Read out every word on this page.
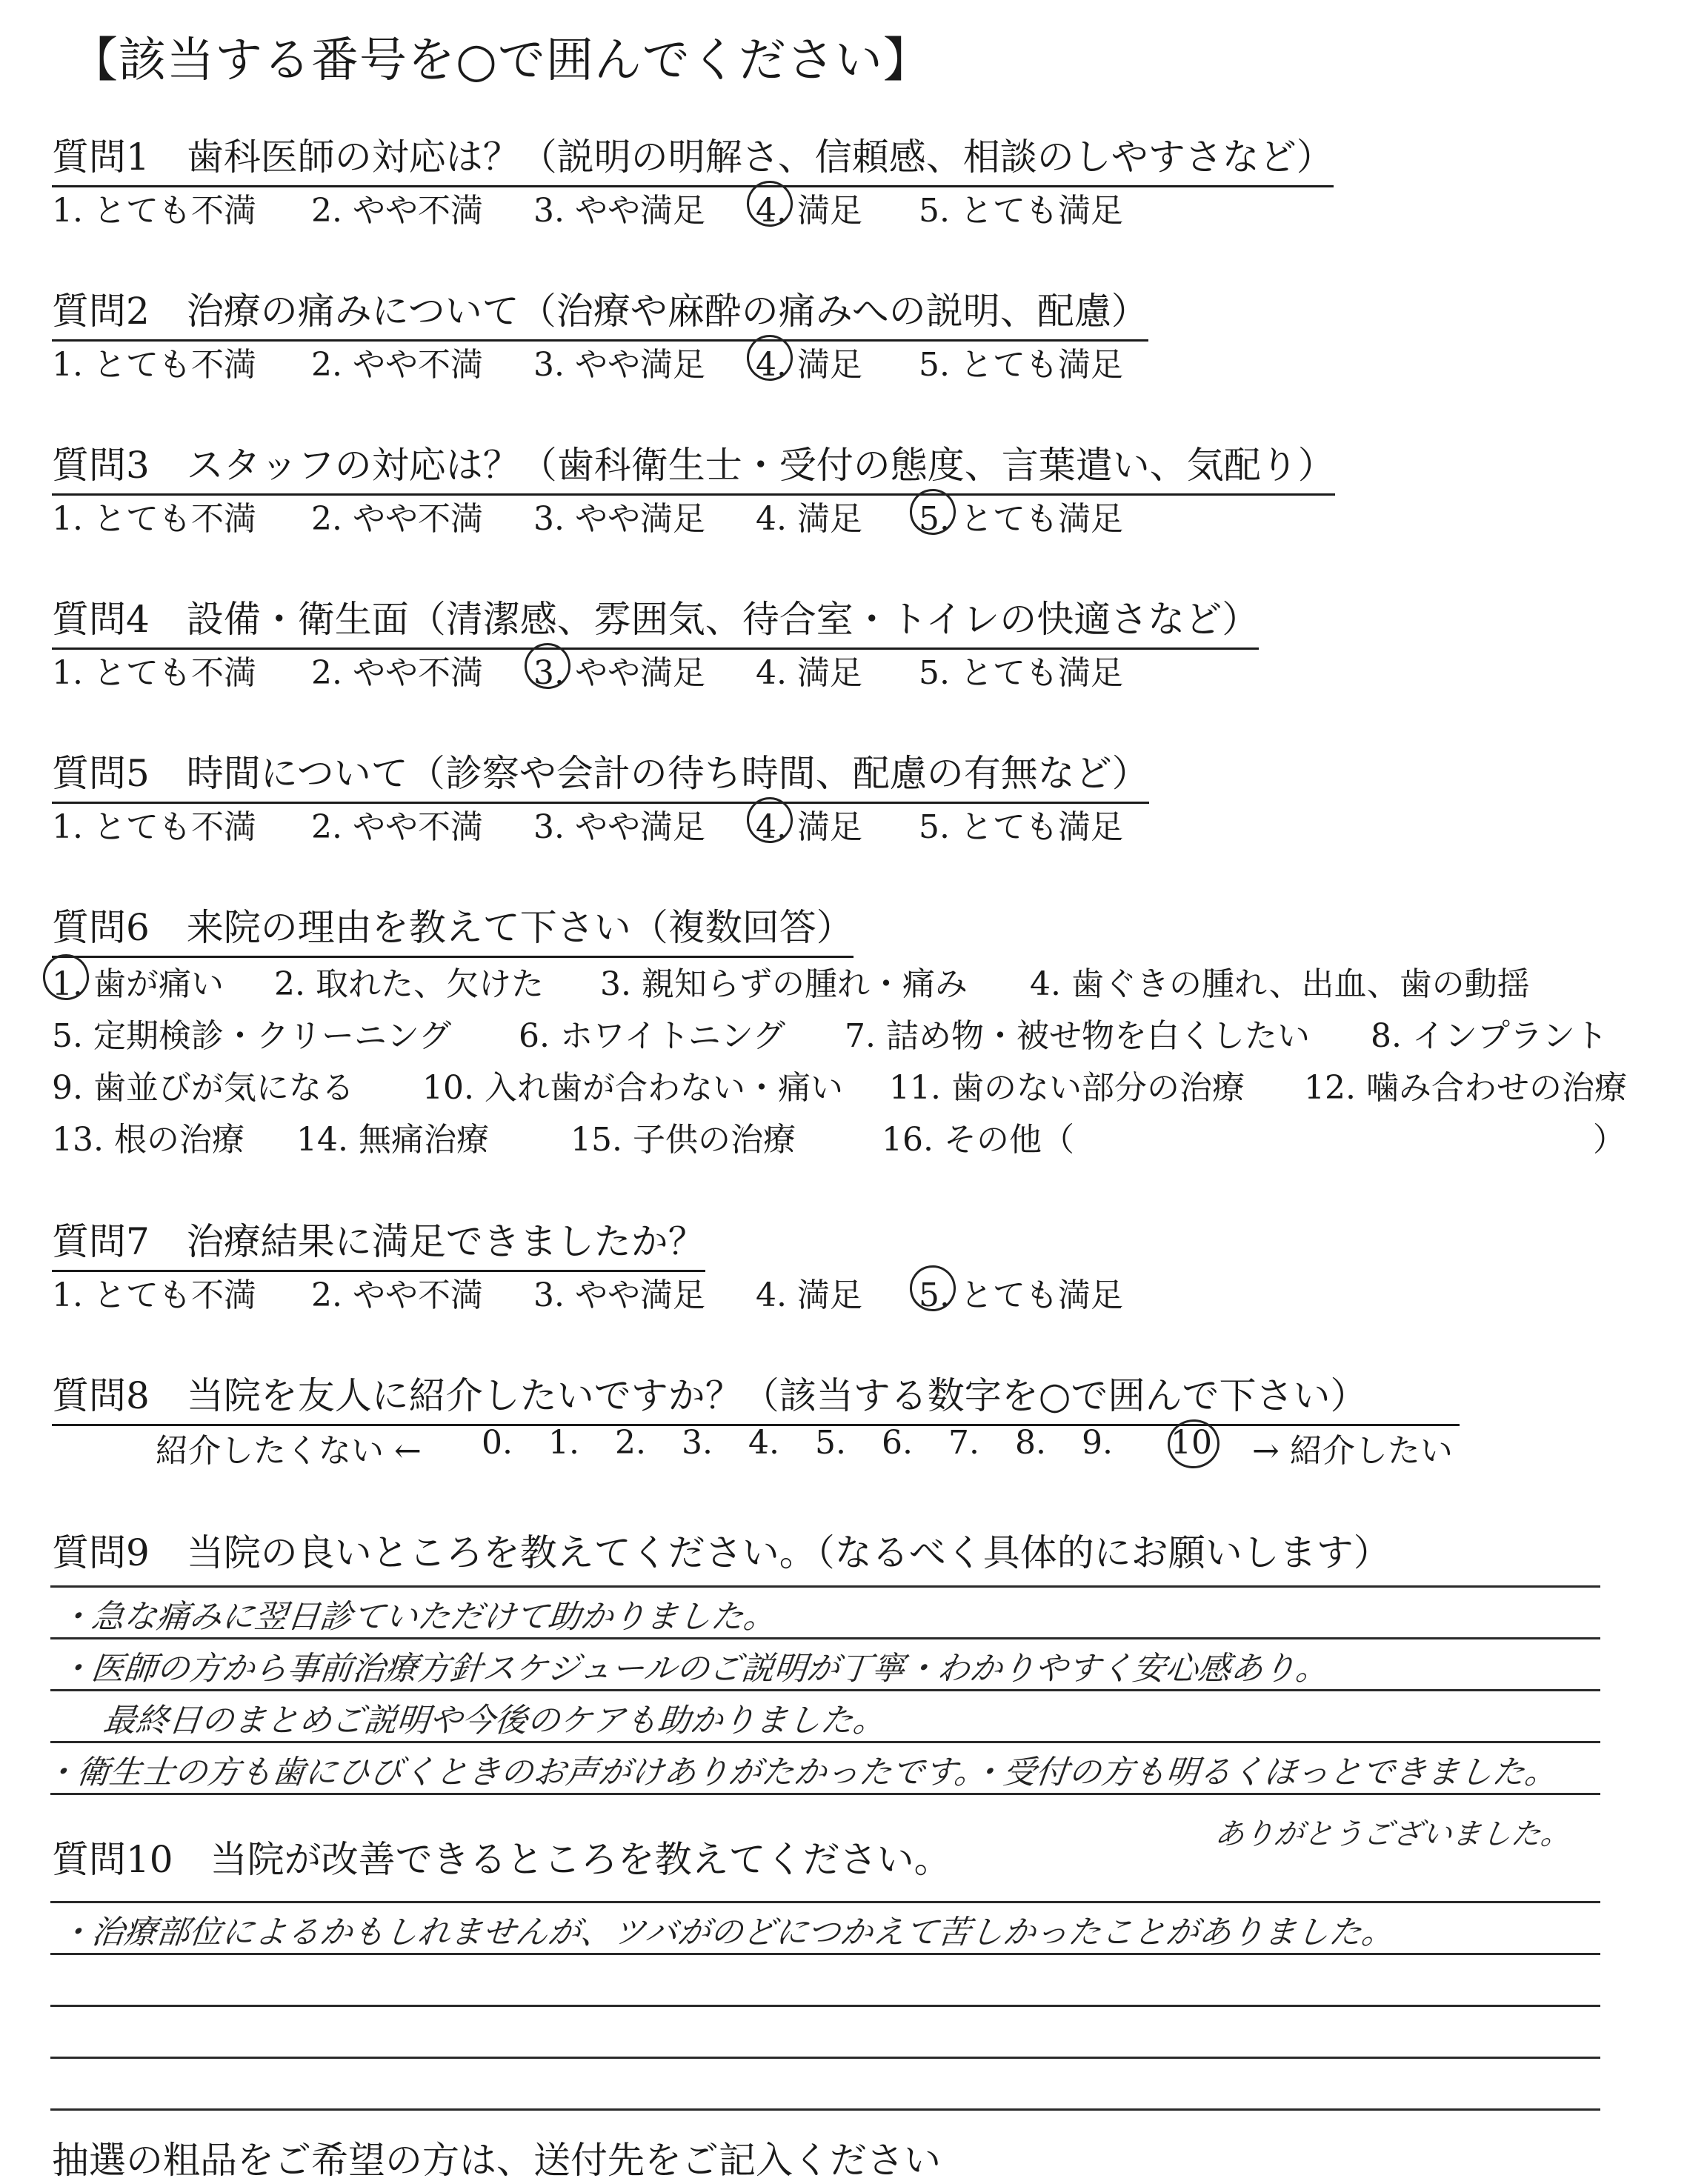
【該当する番号を○で囲んでください】
質問1　歯科医師の対応は？（説明の明解さ、信頼感、相談のしやすさなど）
1. とても不満 2. やや不満 3. やや満足 4. 満足 5. とても満足
質問2　治療の痛みについて（治療や麻酔の痛みへの説明、配慮）
1. とても不満 2. やや不満 3. やや満足 4. 満足 5. とても満足
質問3　スタッフの対応は？（歯科衛生士・受付の態度、言葉遣い、気配り）
1. とても不満 2. やや不満 3. やや満足 4. 満足 5. とても満足
質問4　設備・衛生面（清潔感、雰囲気、待合室・トイレの快適さなど）
1. とても不満 2. やや不満 3. やや満足 4. 満足 5. とても満足
質問5　時間について（診察や会計の待ち時間、配慮の有無など）
1. とても不満 2. やや不満 3. やや満足 4. 満足 5. とても満足
質問6　来院の理由を教えて下さい（複数回答）
1. 歯が痛い 2. 取れた、欠けた 3. 親知らずの腫れ・痛み 4. 歯ぐきの腫れ、出血、歯の動揺
5. 定期検診・クリーニング 6. ホワイトニング 7. 詰め物・被せ物を白くしたい 8. インプラント
9. 歯並びが気になる 10. 入れ歯が合わない・痛い 11. 歯のない部分の治療 12. 噛み合わせの治療
13. 根の治療 14. 無痛治療	15. 子供の治療	16. その他（	）
質問7　治療結果に満足できましたか？
1. とても不満 2. やや不満 3. やや満足 4. 満足 5. とても満足
質問8　当院を友人に紹介したいですか？（該当する数字を○で囲んで下さい）
紹介したくない ← 0. 1. 2. 3. 4. 5. 6. 7. 8. 9. 10 → 紹介したい
質問9　当院の良いところを教えてください。（なるべく具体的にお願いします）
・急な痛みに翌日診ていただけて助かりました。
・医師の方から事前治療方針スケジュールのご説明が丁寧・わかりやすく安心感あり。
最終日のまとめご説明や今後のケアも助かりました。
・衛生士の方も歯にひびくときのお声がけありがたかったです。・受付の方も明るくほっとできました。
ありがとうございました。
質問10　当院が改善できるところを教えてください。
・治療部位によるかもしれませんが、ツバがのどにつかえて苦しかったことがありました。
抽選の粗品をご希望の方は、送付先をご記入ください
